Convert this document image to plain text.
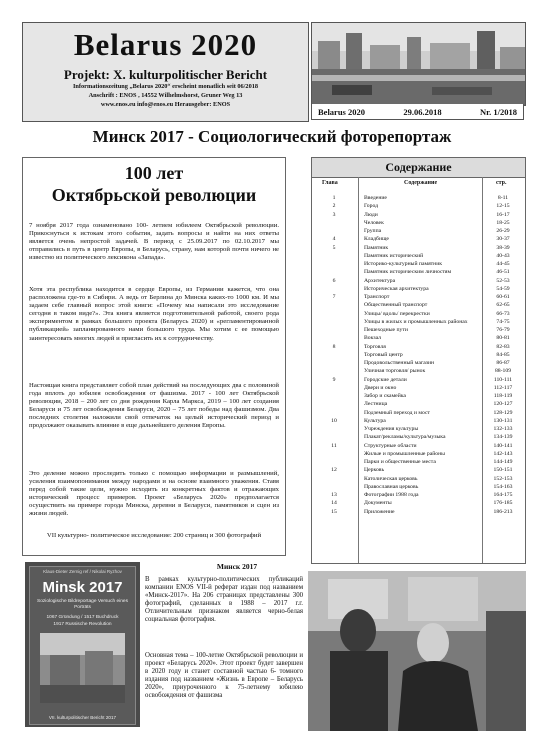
Belarus 2020
Projekt: X. kulturpolitischer Bericht
Informationszeitung „Belarus 2020“ erscheint monatlich seit 06/2018
Anschrift : ENOS , 14552 Wilhelmshorst, Gruner Weg 13
www.enos.eu info@enos.eu Herausgeber: ENOS
Belarus 2020	29.06.2018	Nr. 1/2018
Минск 2017 - Социологический фоторепортаж
100 лет
Октябрьской революции
7 ноября 2017 года ознаменовано 100- летием юбилеем Октябрьской революции. Прикоснуться к истокам этого события, задать вопросы и найти на них ответы является очень непростой задачей. В период с 25.09.2017 по 02.10.2017 мы отправились в путь в центр Европы, в Беларусь, страну, нам которой почти ничего не известно из политического лексикона «Запада».
Хотя эта республика находится в сердце Европы, из Германии кажется, что она расположена где-то в Сибири. А ведь от Берлина до Минска каких-то 1000 км. И мы задаем себе главный вопрос этой книги: «Почему мы написали это исследование сегодня в таком виде?». Эта книга является подготовительной работой, своего рода экспериментом в рамках большого проекта (Беларусь 2020) и «регламентированной публикацией» запланированного нами большого труда. Мы хотим с ее помощью заинтересовать многих людей и пригласить их к сотрудничеству.
Настоящая книга представляет собой план действий на последующих два с половиной года вплоть до юбилея освобождения от фашизма. 2017 - 100 лет Октябрьской революции, 2018 – 200 лет со дня рождения Карла Маркса, 2019 – 100 лет создания Беларуси и 75 лет освобождения Беларуси, 2020 – 75 лет победы над фашизмом. Два последних столетия наложили свой отпечаток на целый исторический период и продолжают оказывать влияние в еще дальнейшего деления Европы.
Это деление можно проследить только с помощью информации и размышлений, усиления взаимопонимания между народами и на основе взаимного уважения. Ставя перед собой такие цели, нужно исходить из конкретных фактов и отражающих исторический процесс примеров. Проект «Беларусь 2020» предполагается осуществить на примере города Минска, деревни в Беларуси, памятников и сцен из жизни людей.
VII культурно- политическое исследование: 200 страниц и 300 фотографий
Содержание
Глава	Содержание	стр.
1	Введение	8-11
2	Город	12-15
3	Люди	16-17
Человек	18-25
Группа	26-29
4	Кладбище	30-37
5	Памятник	38-39
Памятник исторический	40-43
Историко-культурный памятник	44-45
Памятник историческим личностям	46-51
6	Архитектура	52-53
Историческая архитектура	54-59
7	Транспорт	60-61
Общественный транспорт	62-65
Улицы/ вдоль/ перекрестки	66-73
Улицы в жилых и промышленных районах	74-75
Пешеходные пути	76-79
Вокзал	80-81
8	Торговля	82-83
Торговый центр	84-85
Продовольственный магазин	86-87
Уличная торговля/ рынок	88-109
9	Городские детали	110-111
Двери и окно	112-117
Забор и скамейка	118-119
Лестница	120-127
Подземный переход и мост	128-129
10	Культура	130-131
Учреждения культуры	132-133
Плакат/рекламы/культура/музыка	134-139
11	Структурные области	140-141
Жилые и промышленные районы	142-143
Парки и общественные места	144-149
12	Церковь	150-151
Католическая церковь	152-153
Православная церковь	154-163
13	Фотографии 1988 года	164-175
14	Документы	176-185
15	Приложение	186-213
Klaus-Dieter Zernig ref / Nikolai Ryzhov
Minsk 2017
Soziologische Bildreportage Versuch eines Porträts
1067 Gründung / 1517 Buchdruck
1917 Russische Revolution
VII. kulturpolitischer Bericht 2017
Минск 2017
В рамках культурно-политических публикаций компании ENOS VII-й реферат издан под названием «Минск-2017». На 206 страницах представлены 300 фотографий, сделанных в 1988 – 2017 г.г. Отличительным признаком является черно-белая социальная фотография.
Основная тема – 100-летие Октябрьской революции и проект «Беларусь 2020». Этот проект будет завершен в 2020 году и станет составной частью 6- томного издания под названием «Жизнь в Европе – Беларусь 2020», приуроченного к 75-летнему юбилею освобождения от фашизма
